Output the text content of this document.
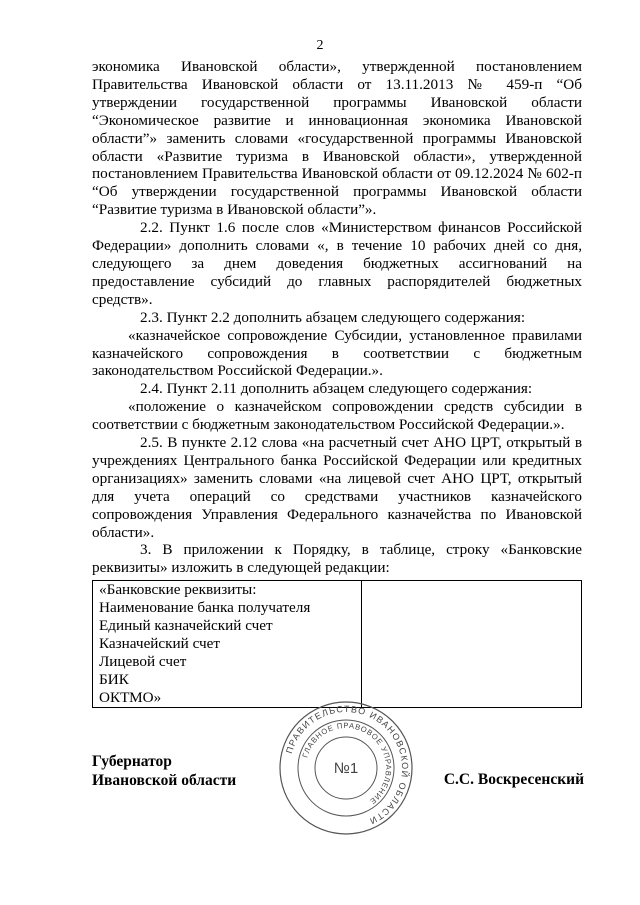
2

экономика Ивановской области», утвержденной постановлением Правительства Ивановской области от 13.11.2013 № 459-п “Об утверждении государственной программы Ивановской области “Экономическое развитие и инновационная экономика Ивановской области”» заменить словами «государственной программы Ивановской области «Развитие туризма в Ивановской области», утвержденной постановлением Правительства Ивановской области от 09.12.2024 № 602-п “Об утверждении государственной программы Ивановской области “Развитие туризма в Ивановской области”».

2.2. Пункт 1.6 после слов «Министерством финансов Российской Федерации» дополнить словами «, в течение 10 рабочих дней со дня, следующего за днем доведения бюджетных ассигнований на предоставление субсидий до главных распорядителей бюджетных средств».

2.3. Пункт 2.2 дополнить абзацем следующего содержания:

«казначейское сопровождение Субсидии, установленное правилами казначейского сопровождения в соответствии с бюджетным законодательством Российской Федерации.».

2.4. Пункт 2.11 дополнить абзацем следующего содержания:

«положение о казначейском сопровождении средств субсидии в соответствии с бюджетным законодательством Российской Федерации.».

2.5. В пункте 2.12 слова «на расчетный счет АНО ЦРТ, открытый в учреждениях Центрального банка Российской Федерации или кредитных организациях» заменить словами «на лицевой счет АНО ЦРТ, открытый для учета операций со средствами участников казначейского сопровождения Управления Федерального казначейства по Ивановской области».

3. В приложении к Порядку, в таблице, строку «Банковские реквизиты» изложить в следующей редакции:

«Банковские реквизиты:
Наименование банка получателя
Единый казначейский счет
Казначейский счет
Лицевой счет
БИК
ОКТМО»

Губернатор
Ивановской области	С.С. Воскресенский
ПРАВИТЕЛЬСТВО ИВАНОВСКОЙ ОБЛАСТИ
ГЛАВНОЕ ПРАВОВОЕ УПРАВЛЕНИЕ
№1
